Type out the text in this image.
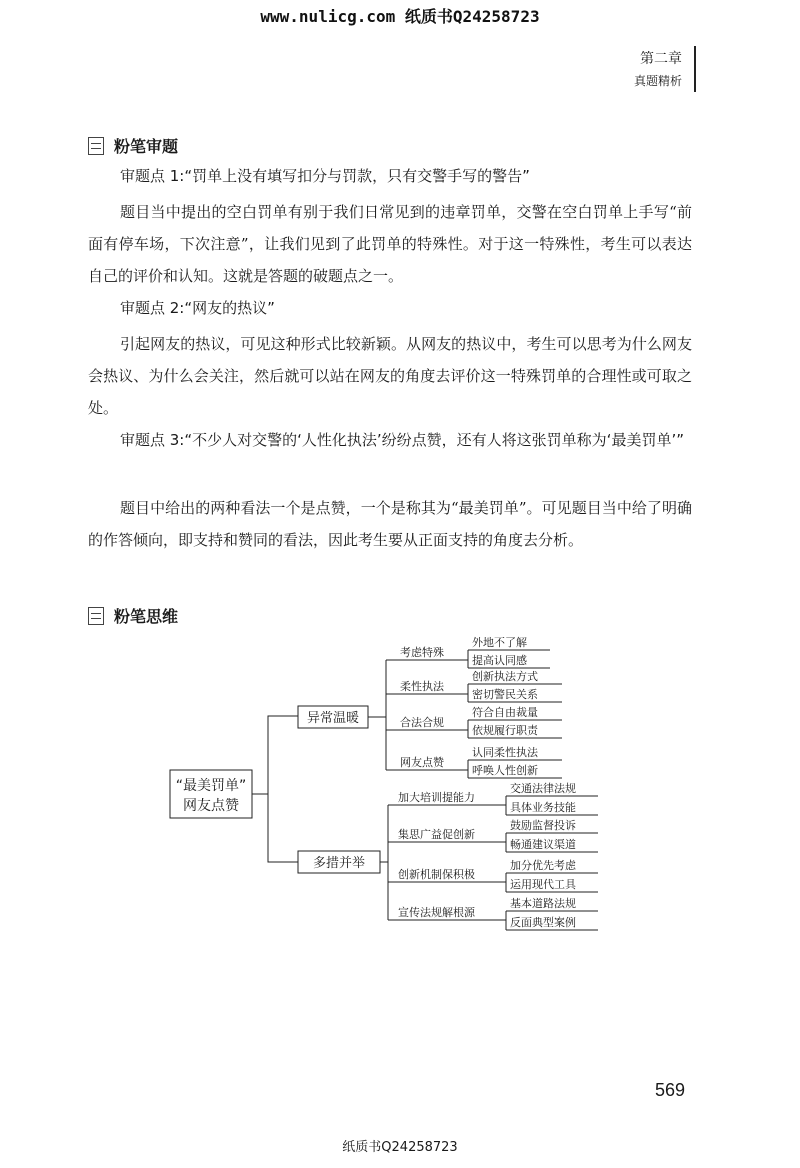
www.nulicg.com 纸质书Q24258723
第二章
真题精析
粉笔审题
审题点 1:“罚单上没有填写扣分与罚款，只有交警手写的警告”
题目当中提出的空白罚单有别于我们日常见到的违章罚单，交警在空白罚单上手写“前面有停车场，下次注意”，让我们见到了此罚单的特殊性。对于这一特殊性，考生可以表达自己的评价和认知。这就是答题的破题点之一。
审题点 2:“网友的热议”
引起网友的热议，可见这种形式比较新颖。从网友的热议中，考生可以思考为什么网友会热议、为什么会关注，然后就可以站在网友的角度去评价这一特殊罚单的合理性或可取之处。
审题点 3:“不少人对交警的‘人性化执法’纷纷点赞，还有人将这张罚单称为‘最美罚单’”
题目中给出的两种看法一个是点赞，一个是称其为“最美罚单”。可见题目当中给了明确的作答倾向，即支持和赞同的看法，因此考生要从正面支持的角度去分析。
粉笔思维
“最美罚单”
网友点赞
异常温暖
多措并举
考虑特殊
柔性执法
合法合规
网友点赞
外地不了解
提高认同感
创新执法方式
密切警民关系
符合自由裁量
依规履行职责
认同柔性执法
呼唤人性创新
加大培训提能力
集思广益促创新
创新机制保积极
宣传法规解根源
交通法律法规
具体业务技能
鼓励监督投诉
畅通建议渠道
加分优先考虑
运用现代工具
基本道路法规
反面典型案例
569
纸质书Q24258723
